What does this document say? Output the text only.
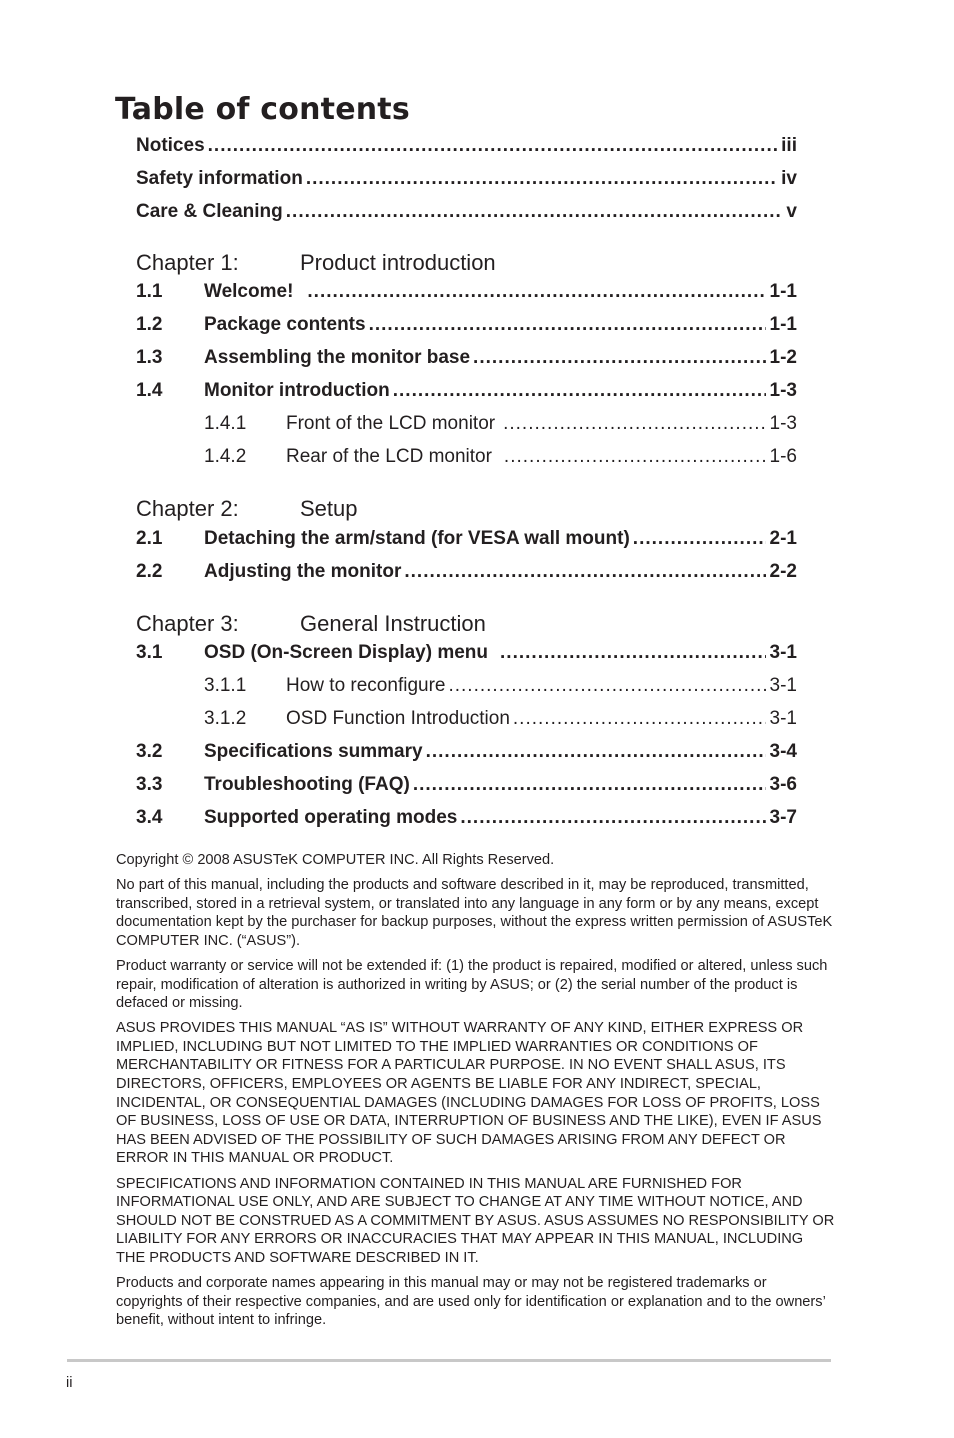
Table of contents
Notices .....	iii
Safety information .....	iv
Care & Cleaning .....	v
Chapter 1:	Product introduction
1.1	Welcome! .....	1-1
1.2	Package contents .....	1-1
1.3	Assembling the monitor base .....	1-2
1.4	Monitor introduction .....	1-3
1.4.1	Front of the LCD monitor .....	1-3
1.4.2	Rear of the LCD monitor .....	1-6
Chapter 2:	Setup
2.1	Detaching the arm/stand (for VESA wall mount) .....	2-1
2.2	Adjusting the monitor .....	2-2
Chapter 3:	General Instruction
3.1	OSD (On-Screen Display) menu .....	3-1
3.1.1	How to reconfigure .....	3-1
3.1.2	OSD Function Introduction .....	3-1
3.2	Specifications summary .....	3-4
3.3	Troubleshooting (FAQ) .....	3-6
3.4	Supported operating modes .....	3-7

Copyright © 2008 ASUSTeK COMPUTER INC. All Rights Reserved.

No part of this manual, including the products and software described in it, may be reproduced, transmitted, transcribed, stored in a retrieval system, or translated into any language in any form or by any means, except documentation kept by the purchaser for backup purposes, without the express written permission of ASUSTeK COMPUTER INC. (“ASUS”).

Product warranty or service will not be extended if: (1) the product is repaired, modified or altered, unless such repair, modification of alteration is authorized in writing by ASUS; or (2) the serial number of the product is defaced or missing.

ASUS PROVIDES THIS MANUAL “AS IS” WITHOUT WARRANTY OF ANY KIND, EITHER EXPRESS OR IMPLIED, INCLUDING BUT NOT LIMITED TO THE IMPLIED WARRANTIES OR CONDITIONS OF MERCHANTABILITY OR FITNESS FOR A PARTICULAR PURPOSE. IN NO EVENT SHALL ASUS, ITS DIRECTORS, OFFICERS, EMPLOYEES OR AGENTS BE LIABLE FOR ANY INDIRECT, SPECIAL, INCIDENTAL, OR CONSEQUENTIAL DAMAGES (INCLUDING DAMAGES FOR LOSS OF PROFITS, LOSS OF BUSINESS, LOSS OF USE OR DATA, INTERRUPTION OF BUSINESS AND THE LIKE), EVEN IF ASUS HAS BEEN ADVISED OF THE POSSIBILITY OF SUCH DAMAGES ARISING FROM ANY DEFECT OR ERROR IN THIS MANUAL OR PRODUCT.

SPECIFICATIONS AND INFORMATION CONTAINED IN THIS MANUAL ARE FURNISHED FOR INFORMATIONAL USE ONLY, AND ARE SUBJECT TO CHANGE AT ANY TIME WITHOUT NOTICE, AND SHOULD NOT BE CONSTRUED AS A COMMITMENT BY ASUS. ASUS ASSUMES NO RESPONSIBILITY OR LIABILITY FOR ANY ERRORS OR INACCURACIES THAT MAY APPEAR IN THIS MANUAL, INCLUDING THE PRODUCTS AND SOFTWARE DESCRIBED IN IT.

Products and corporate names appearing in this manual may or may not be registered trademarks or copyrights of their respective companies, and are used only for identification or explanation and to the owners’ benefit, without intent to infringe.

ii
